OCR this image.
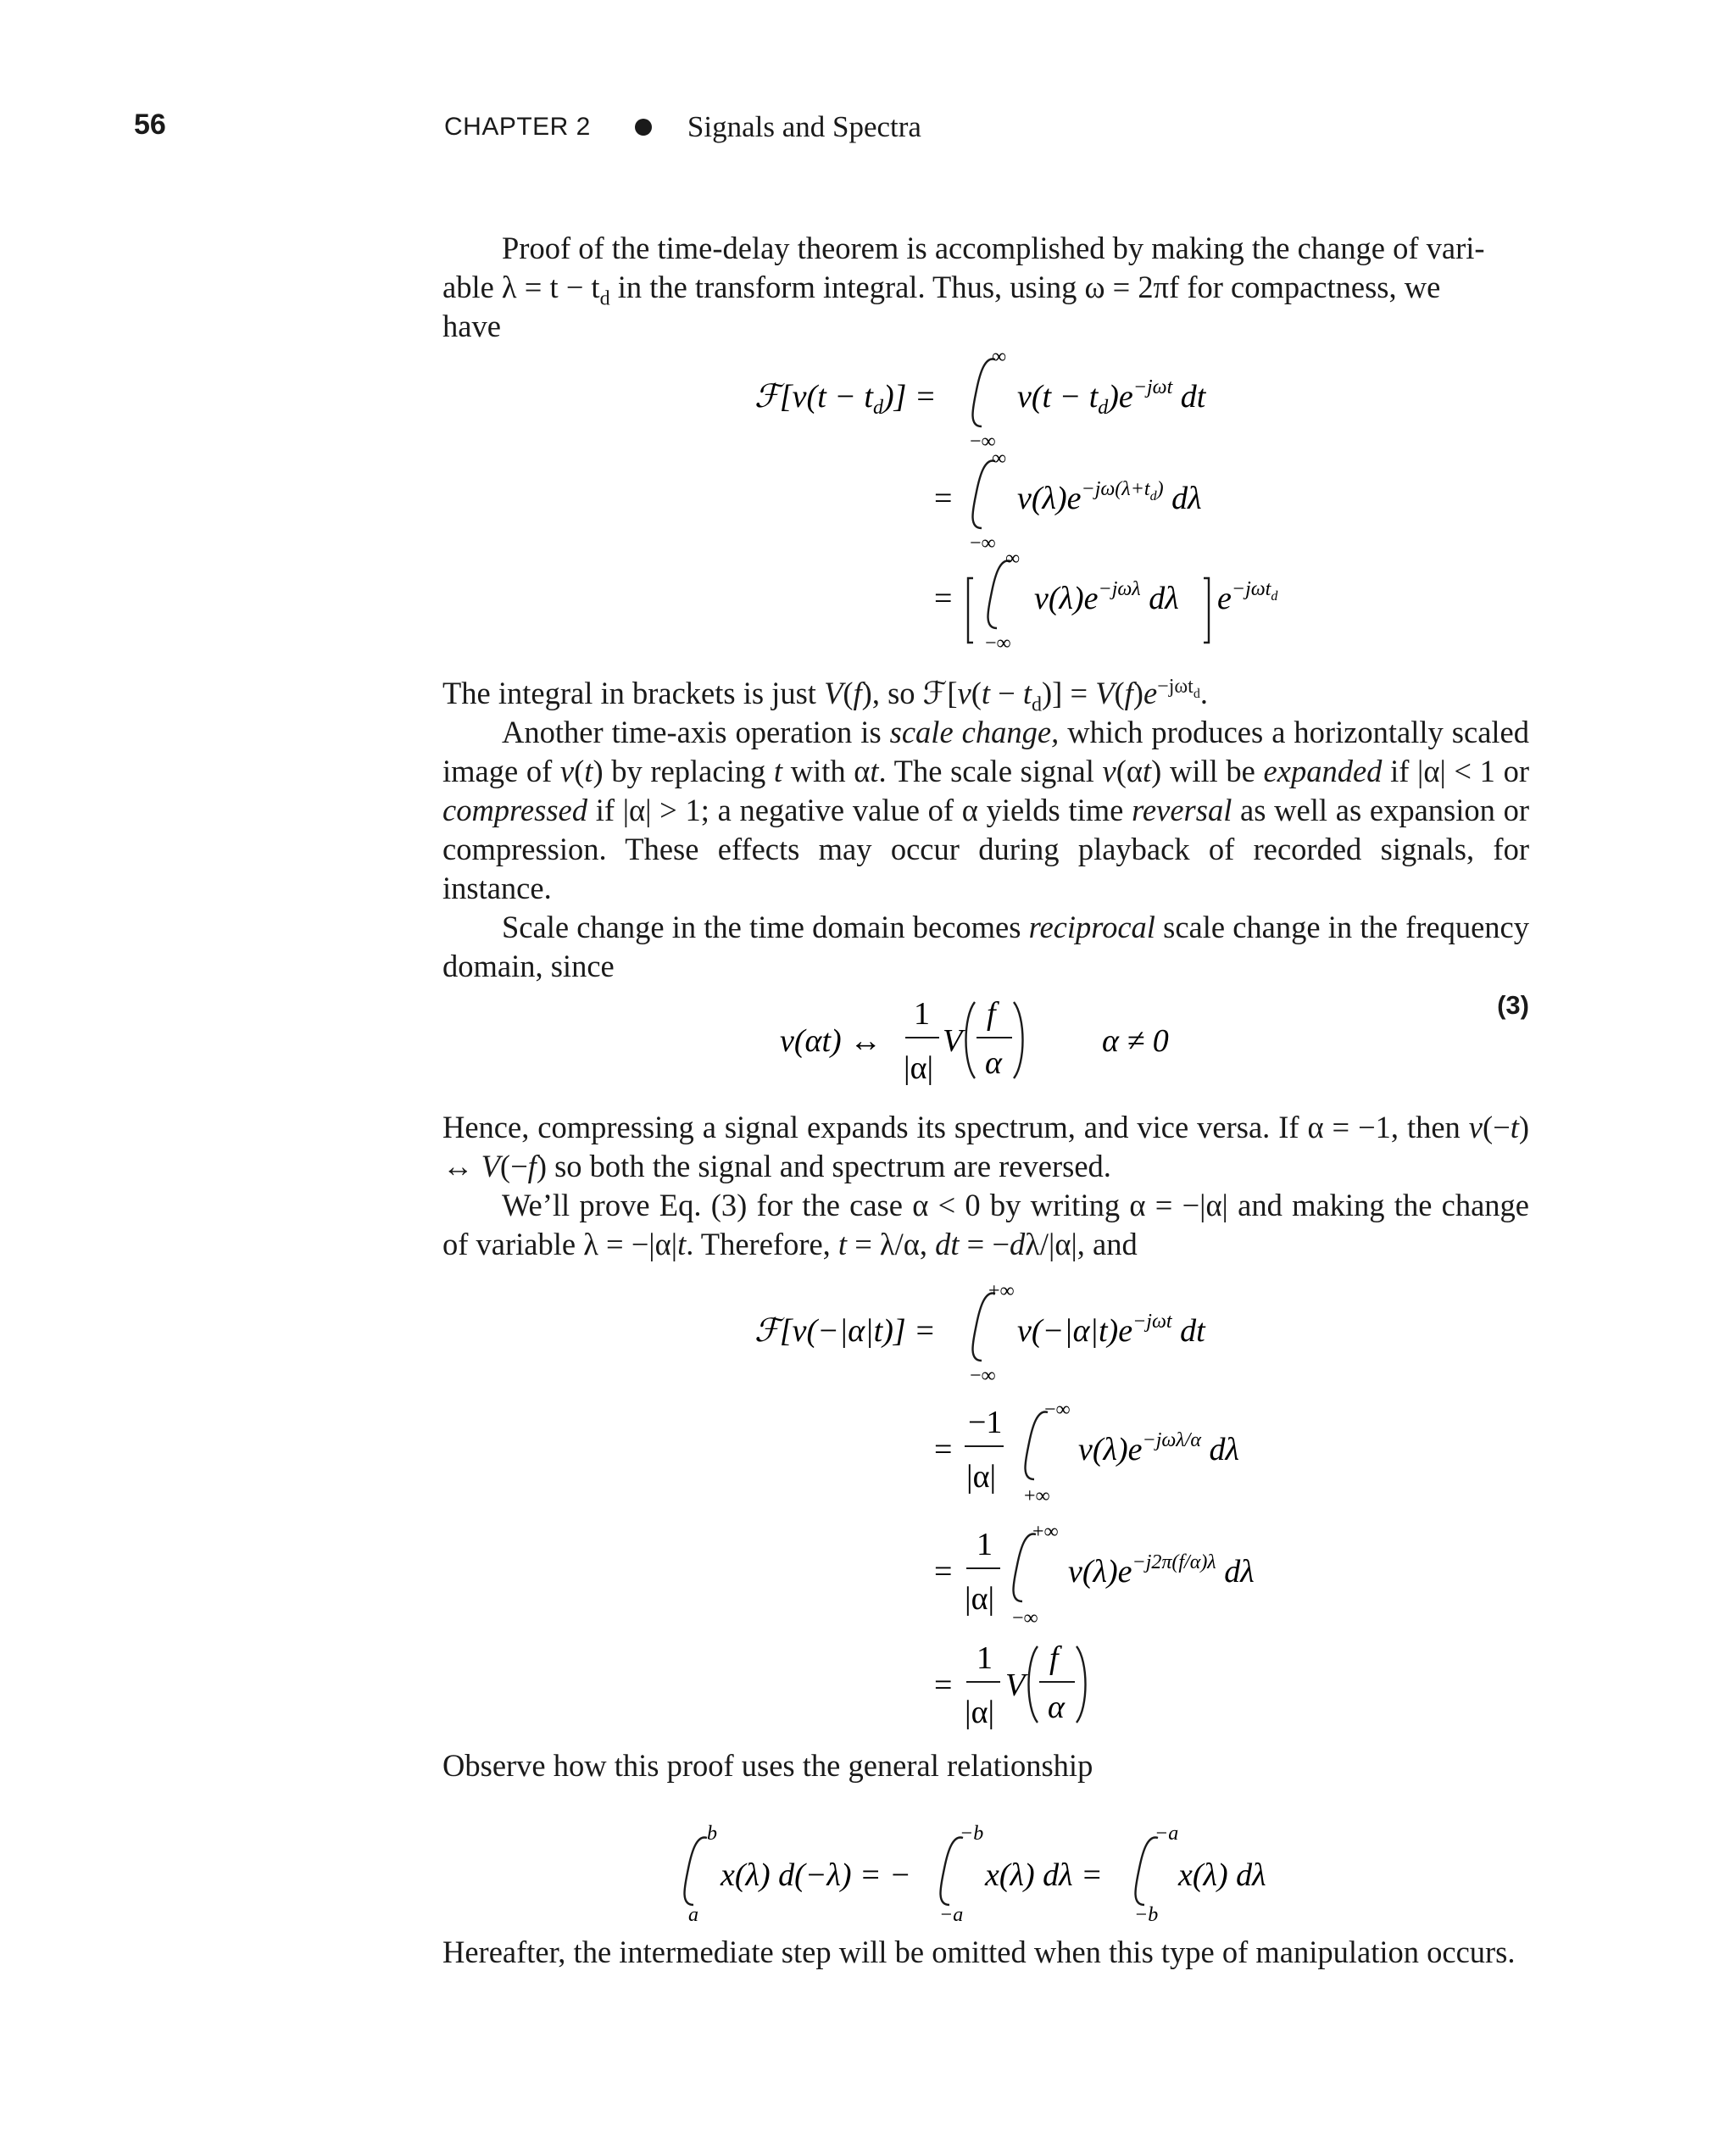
56	CHAPTER 2	Signals and Spectra

Proof of the time-delay theorem is accomplished by making the change of vari-

able $\lambda = t - t_d$ in the transform integral. Thus, using ω = 2πf for compactness, we

have

ℱ[v(t − $t_d$)] =
∞
−∞
$v(t - t_d)e^{-j\omega t}$ dt
=
∞
−∞
$v(\lambda)e^{-j\omega(\lambda+t}d$) dλ
=
∞
−∞
$v(\lambda)e^{-j\omega\lambda}$ dλ $e^{-j\omega t}d$

The integral in brackets is just V(f), so ℱ[v(t − $t_d)] = V(f)e^{-j\omega t_d}$.

Another time-axis operation is scale change, which produces a horizontally scaled image of v(t) by replacing t with αt. The scale signal v(αt) will be expanded if |α| < 1 or compressed if |α| > 1; a negative value of α yields time reversal as well as expansion or compression. These effects may occur during playback of recorded signals, for instance.

Scale change in the time domain becomes reciprocal scale change in the frequency domain, since

v(αt) ↔
1
|α|
V
f
α
α ≠ 0
(3)

Hence, compressing a signal expands its spectrum, and vice versa. If α = −1, then v(−t) ↔ V(−f) so both the signal and spectrum are reversed.

We’ll prove Eq. (3) for the case α < 0 by writing α = −|α| and making the change of variable λ = −|α|t. Therefore, t = λ/α, dt = −dλ/|α|, and

ℱ[v(−|α|t)] =
+∞
−∞
$v(-|\alpha|t)e^{-j\omega t}$ dt
=
−1
|α|
−∞
+∞
$v(\lambda)e^{-j\omega\lambda/\alpha}$ dλ
=
1
|α|
+∞
−∞
$v(\lambda)e^{-j2\pi(f/\alpha)\lambda}$ dλ
=
1
|α|
V
f
α

Observe how this proof uses the general relationship

b
a
x(λ) d(−λ) = −
−b
−a
x(λ) dλ =
−a
−b
x(λ) dλ

Hereafter, the intermediate step will be omitted when this type of manipulation occurs.
